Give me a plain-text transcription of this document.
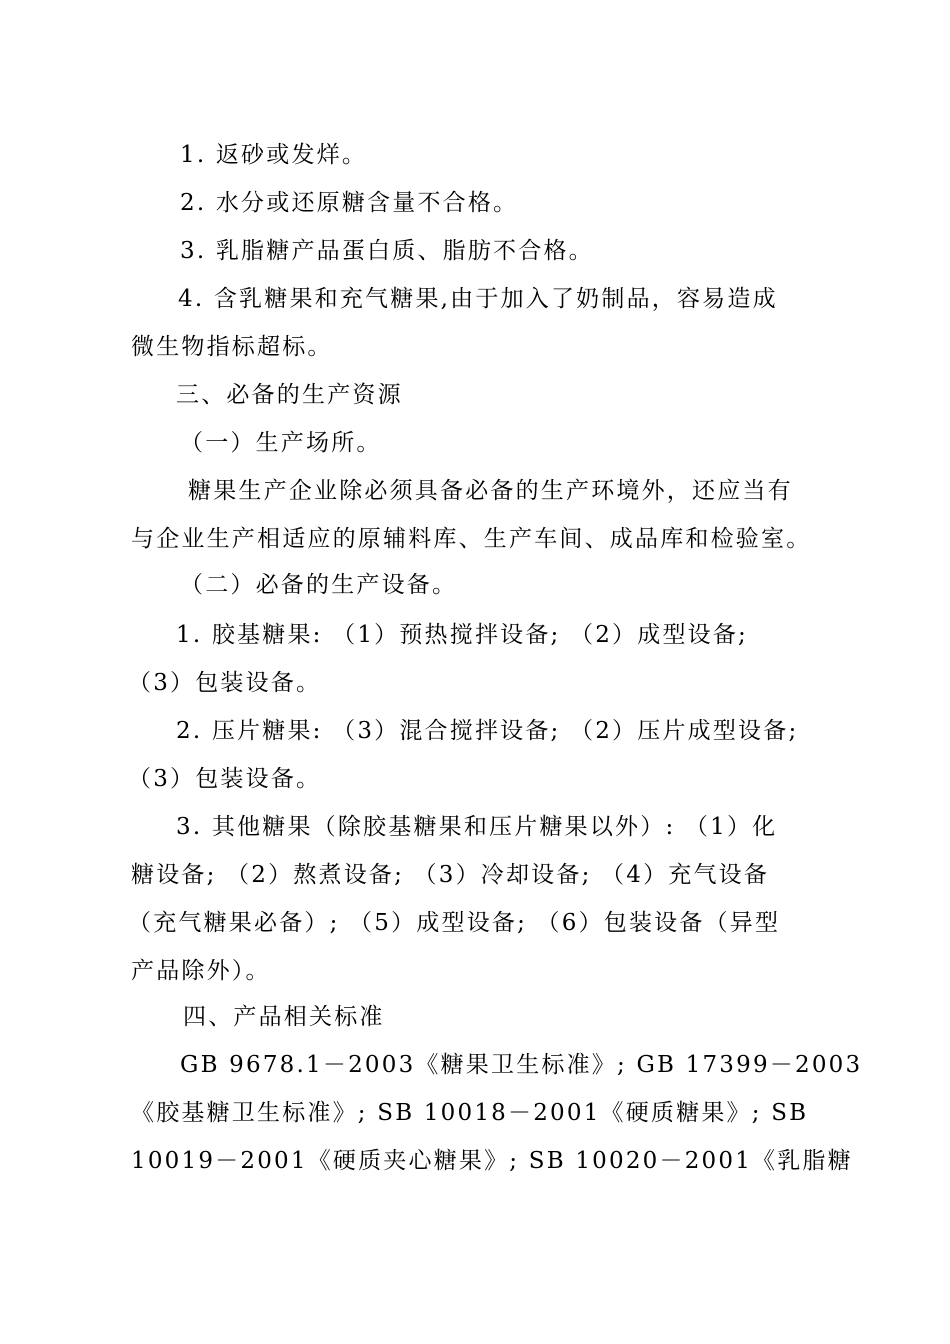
1. 返砂或发烊。
2. 水分或还原糖含量不合格。
3. 乳脂糖产品蛋白质、脂肪不合格。
4. 含乳糖果和充气糖果,由于加入了奶制品，容易造成
微生物指标超标。
三、必备的生产资源
（一）生产场所。
糖果生产企业除必须具备必备的生产环境外，还应当有
与企业生产相适应的原辅料库、生产车间、成品库和检验室。
（二）必备的生产设备。
1. 胶基糖果: （1）预热搅拌设备; （2）成型设备;
（3）包装设备。
2. 压片糖果: （3）混合搅拌设备; （2）压片成型设备;
（3）包装设备。
3. 其他糖果（除胶基糖果和压片糖果以外）: （1）化
糖设备; （2）熬煮设备; （3）冷却设备; （4）充气设备
（充气糖果必备）; （5）成型设备; （6）包装设备（异型
产品除外）。
四、产品相关标准
GB 9678.1－2003《糖果卫生标准》; GB 17399－2003
《胶基糖卫生标准》; SB 10018－2001《硬质糖果》; SB
10019－2001《硬质夹心糖果》; SB 10020－2001《乳脂糖
